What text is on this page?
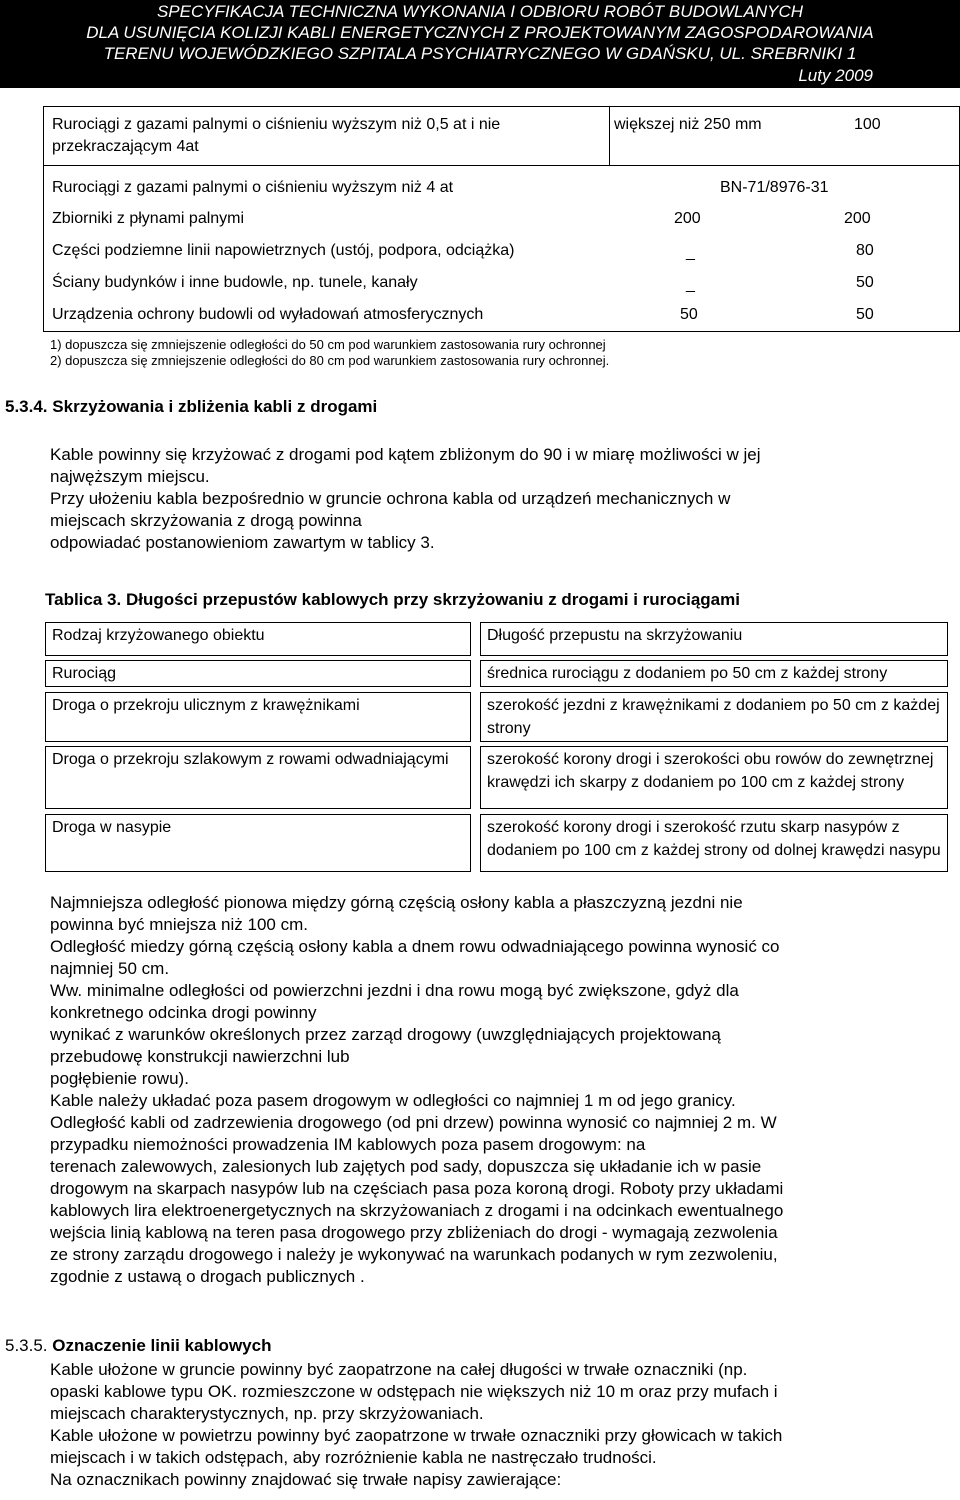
SPECYFIKACJA TECHNICZNA WYKONANIA I ODBIORU ROBÓT BUDOWLANYCH
DLA USUNIĘCIA KOLIZJI KABLI ENERGETYCZNYCH Z PROJEKTOWANYM ZAGOSPODAROWANIA
TERENU WOJEWÓDZKIEGO SZPITALA PSYCHIATRYCZNEGO W GDAŃSKU, UL. SREBRNIKI 1
Luty 2009
Rurociągi z gazami palnymi o ciśnieniu wyższym niż 0,5 at i nie
przekraczającym 4at
większej niż 250 mm	100
Rurociągi z gazami palnymi o ciśnieniu wyższym niż 4 at	BN-71/8976-31
Zbiorniki z płynami palnymi	200	200
Części podziemne linii napowietrznych (ustój, podpora, odciążka)	_	80
Ściany budynków i inne budowle, np. tunele, kanały	_	50
Urządzenia ochrony budowli od wyładowań atmosferycznych	50	50
1) dopuszcza się zmniejszenie odległości do 50 cm pod warunkiem zastosowania rury ochronnej
2) dopuszcza się zmniejszenie odległości do 80 cm pod warunkiem zastosowania rury ochronnej.
5.3.4. Skrzyżowania i zbliżenia kabli z drogami
Kable powinny się krzyżować z drogami pod kątem zbliżonym do 90 i w miarę możliwości w jej
najwęższym miejscu.
Przy ułożeniu kabla bezpośrednio w gruncie ochrona kabla od urządzeń mechanicznych w
miejscach skrzyżowania z drogą powinna
odpowiadać postanowieniom zawartym w tablicy 3.
Tablica 3. Długości przepustów kablowych przy skrzyżowaniu z drogami i rurociągami
Rodzaj krzyżowanego obiektu	Długość przepustu na skrzyżowaniu
Rurociąg	średnica rurociągu z dodaniem po 50 cm z każdej strony
Droga o przekroju ulicznym z krawężnikami	szerokość jezdni z krawężnikami z dodaniem po 50 cm z każdej strony
Droga o przekroju szlakowym z rowami odwadniającymi	szerokość korony drogi i szerokości obu rowów do zewnętrznej krawędzi ich skarpy z dodaniem po 100 cm z każdej strony
Droga w nasypie	szerokość korony drogi i szerokość rzutu skarp nasypów z dodaniem po 100 cm z każdej strony od dolnej krawędzi nasypu
Najmniejsza odległość pionowa między górną częścią osłony kabla a płaszczyzną jezdni nie
powinna być mniejsza niż 100 cm.
Odległość miedzy górną częścią osłony kabla a dnem rowu odwadniającego powinna wynosić co
najmniej 50 cm.
Ww. minimalne odległości od powierzchni jezdni i dna rowu mogą być zwiększone, gdyż dla
konkretnego odcinka drogi powinny
wynikać z warunków określonych przez zarząd drogowy (uwzględniających projektowaną
przebudowę konstrukcji nawierzchni lub
pogłębienie rowu).
Kable należy układać poza pasem drogowym w odległości co najmniej 1 m od jego granicy.
Odległość kabli od zadrzewienia drogowego (od pni drzew) powinna wynosić co najmniej 2 m. W
przypadku niemożności prowadzenia IM kablowych poza pasem drogowym: na
terenach zalewowych, zalesionych lub zajętych pod sady, dopuszcza się układanie ich w pasie
drogowym na skarpach nasypów lub na częściach pasa poza koroną drogi. Roboty przy układami
kablowych lira elektroenergetycznych na skrzyżowaniach z drogami i na odcinkach ewentualnego
wejścia linią kablową na teren pasa drogowego przy zbliżeniach do drogi - wymagają zezwolenia
ze strony zarządu drogowego i należy je wykonywać na warunkach podanych w rym zezwoleniu,
zgodnie z ustawą o drogach publicznych .
5.3.5. Oznaczenie linii kablowych
Kable ułożone w gruncie powinny być zaopatrzone na całej długości w trwałe oznaczniki (np.
opaski kablowe typu OK. rozmieszczone w odstępach nie większych niż 10 m oraz przy mufach i
miejscach charakterystycznych, np. przy skrzyżowaniach.
Kable ułożone w powietrzu powinny być zaopatrzone w trwałe oznaczniki przy głowicach w takich
miejscach i w takich odstępach, aby rozróżnienie kabla ne nastręczało trudności.
Na oznacznikach powinny znajdować się trwałe napisy zawierające:
